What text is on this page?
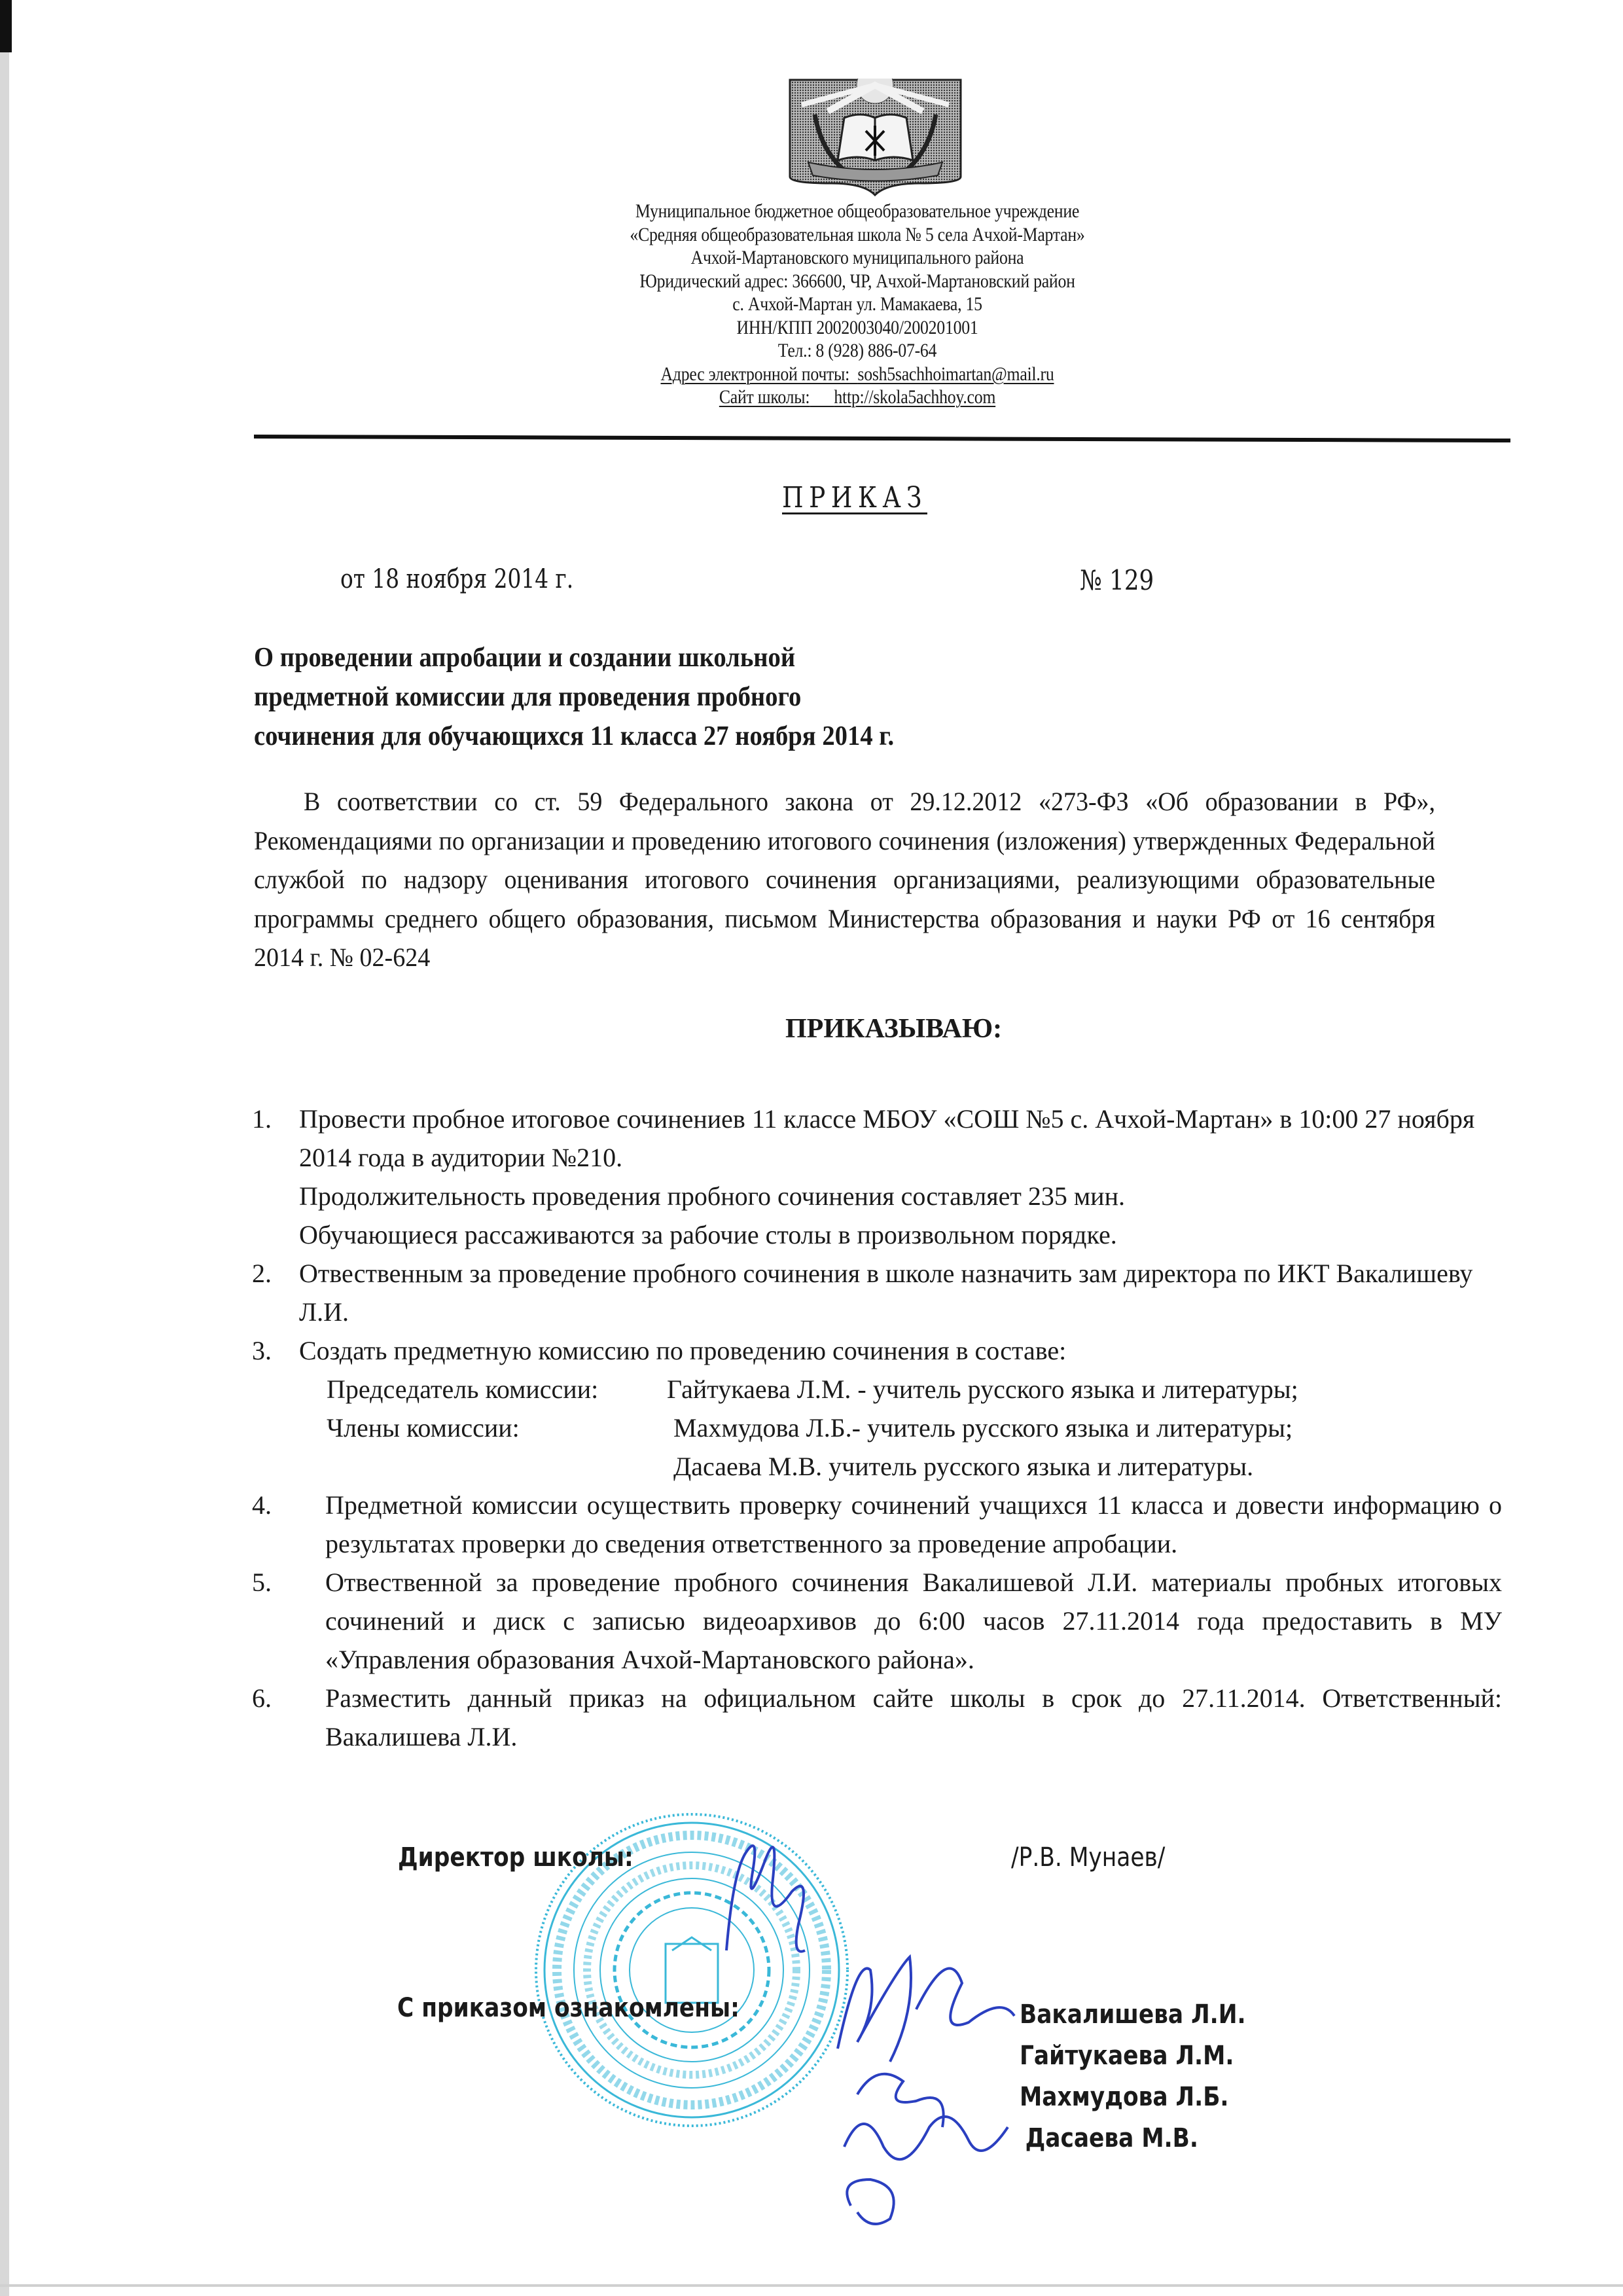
Муниципальное бюджетное общеобразовательное учреждение
«Средняя общеобразовательная школа № 5 села Ачхой-Мартан»
Ачхой-Мартановского муниципального района
Юридический адрес: 366600, ЧР, Ачхой-Мартановский район
с. Ачхой-Мартан ул. Мамакаева, 15
ИНН/КПП 2002003040/200201001
Тел.: 8 (928) 886-07-64
Адрес электронной почты: sosh5sachhoimartan@mail.ru
Сайт школы: http://skola5achhoy.com
ПРИКАЗ
от 18 ноября 2014 г.	№ 129
О проведении апробации и создании школьной
предметной комиссии для проведения пробного
сочинения для обучающихся 11 класса 27 ноября 2014 г.
В соответствии со ст. 59 Федерального закона от 29.12.2012 «273-ФЗ «Об образовании в РФ», Рекомендациями по организации и проведению итогового сочинения (изложения) утвержденных Федеральной службой по надзору оценивания итогового сочинения организациями, реализующими образовательные программы среднего общего образования, письмом Министерства образования и науки РФ от 16 сентября 2014 г. № 02-624
ПРИКАЗЫВАЮ:
1. Провести пробное итоговое сочинениев 11 классе МБОУ «СОШ №5 с. Ачхой-Мартан» в 10:00 27 ноября 2014 года в аудитории №210.

Продолжительность проведения пробного сочинения составляет 235 мин.

Обучающиеся рассаживаются за рабочие столы в произвольном порядке.

2. Отвественным за проведение пробного сочинения в школе назначить зам директора по ИКТ Вакалишеву Л.И.

3. Создать предметную комиссию по проведению сочинения в составе:

Председатель комиссии:	Гайтукаева Л.М. - учитель русского языка и литературы;
Члены комиссии:	Махмудова Л.Б.- учитель русского языка и литературы;
Дасаева М.В. учитель русского языка и литературы.
4. Предметной комиссии осуществить проверку сочинений учащихся 11 класса и довести информацию о результатах проверки до сведения ответственного за проведение апробации.

5. Отвественной за проведение пробного сочинения Вакалишевой Л.И. материалы пробных итоговых сочинений и диск с записью видеоархивов до 6:00 часов 27.11.2014 года предоставить в МУ «Управления образования Ачхой-Мартановского района».

6. Разместить данный приказ на официальном сайте школы в срок до 27.11.2014. Ответственный: Вакалишева Л.И.

Директор школы:	/Р.В. Мунаев/
С приказом ознакомлены:	Вакалишева Л.И.
Гайтукаева Л.М.
Махмудова Л.Б.
Дасаева М.В.
